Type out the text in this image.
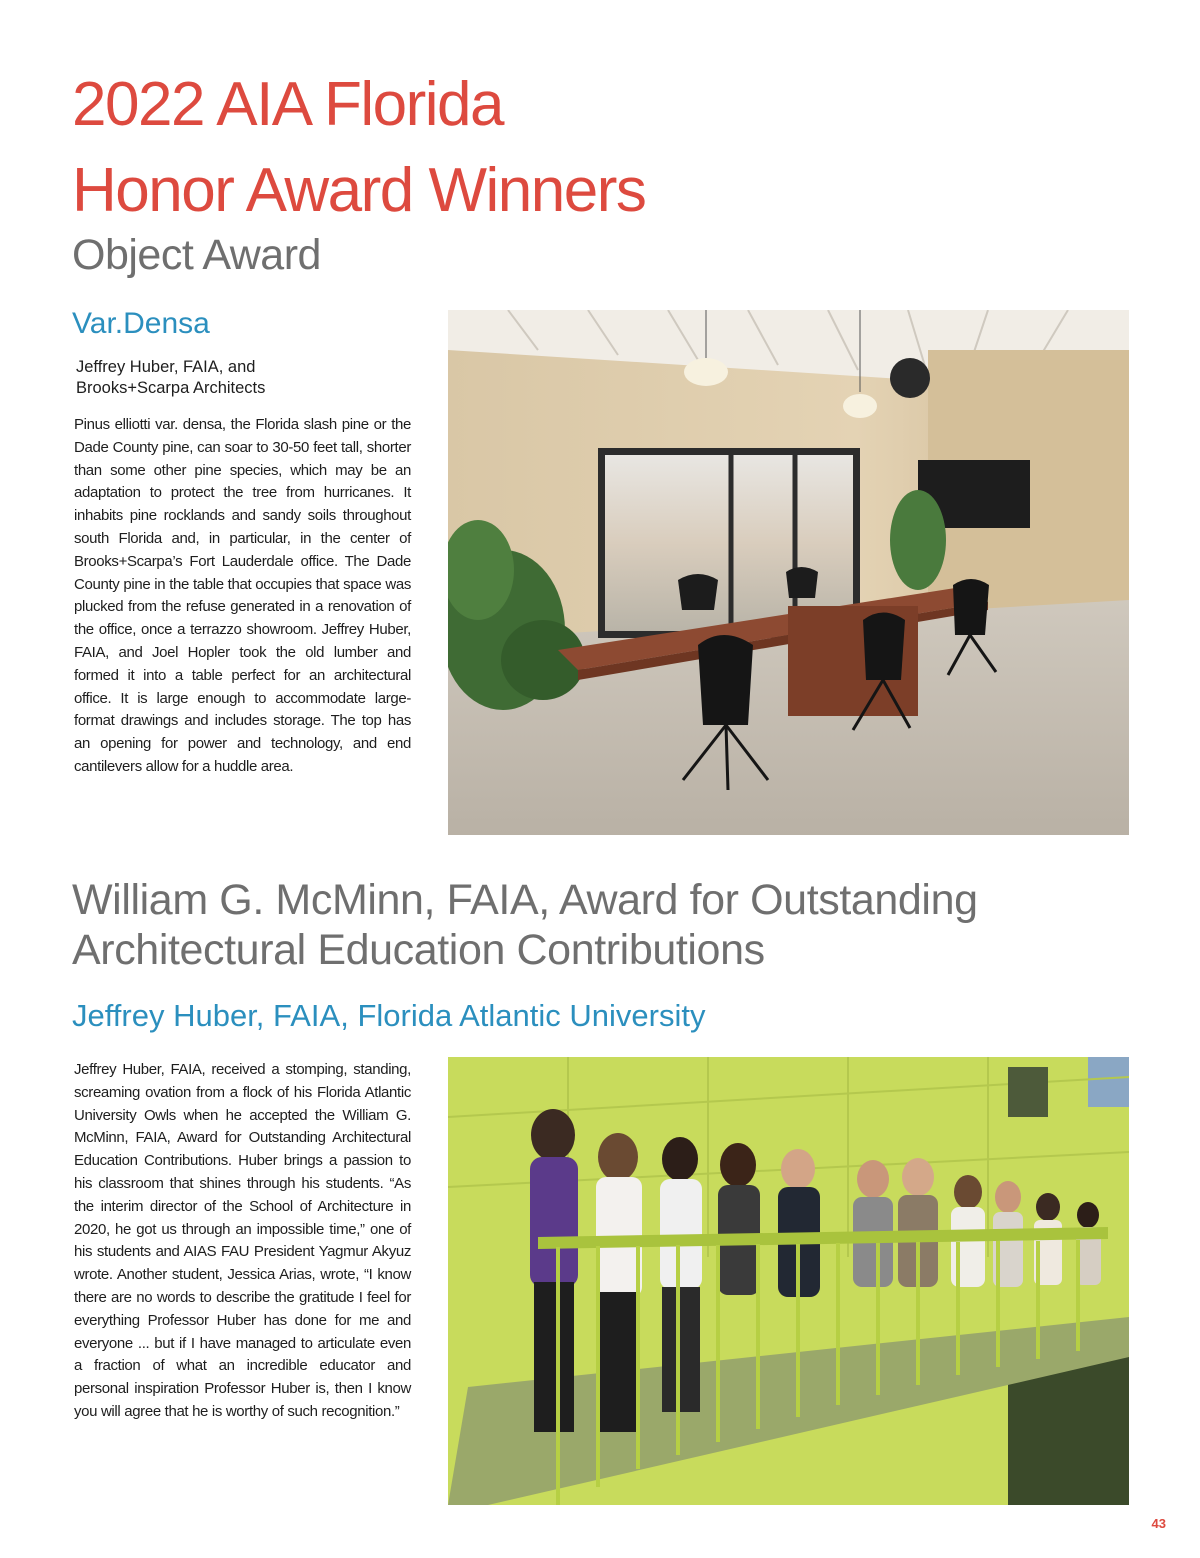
2022 AIA Florida
Honor Award Winners
Object Award
Var.Densa
Jeffrey Huber, FAIA, and
Brooks+Scarpa Architects
Pinus elliotti var. densa, the Florida slash pine or the Dade County pine, can soar to 30-50 feet tall, shorter than some other pine species, which may be an adaptation to protect the tree from hurricanes. It inhabits pine rocklands and sandy soils throughout south Florida and, in particular, in the center of Brooks+Scarpa’s Fort Lauderdale office. The Dade County pine in the table that occupies that space was plucked from the refuse generated in a renovation of the office, once a terrazzo showroom. Jeffrey Huber, FAIA, and Joel Hopler took the old lumber and formed it into a table perfect for an architectural office. It is large enough to accommodate large-format drawings and includes storage. The top has an opening for power and technology, and end cantilevers allow for a huddle area.
William G. McMinn, FAIA, Award for Outstanding
Architectural Education Contributions
Jeffrey Huber, FAIA, Florida Atlantic University
Jeffrey Huber, FAIA, received a stomping, standing, screaming ovation from a flock of his Florida Atlantic University Owls when he accepted the William G. McMinn, FAIA, Award for Outstanding Architectural Education Contributions. Huber brings a passion to his classroom that shines through his students. “As the interim director of the School of Architecture in 2020, he got us through an impossible time,” one of his students and AIAS FAU President Yagmur Akyuz wrote. Another student, Jessica Arias, wrote, “I know there are no words to describe the gratitude I feel for everything Professor Huber has done for me and everyone ... but if I have managed to articulate even a fraction of what an incredible educator and personal inspiration Professor Huber is, then I know you will agree that he is worthy of such recognition.”
43
